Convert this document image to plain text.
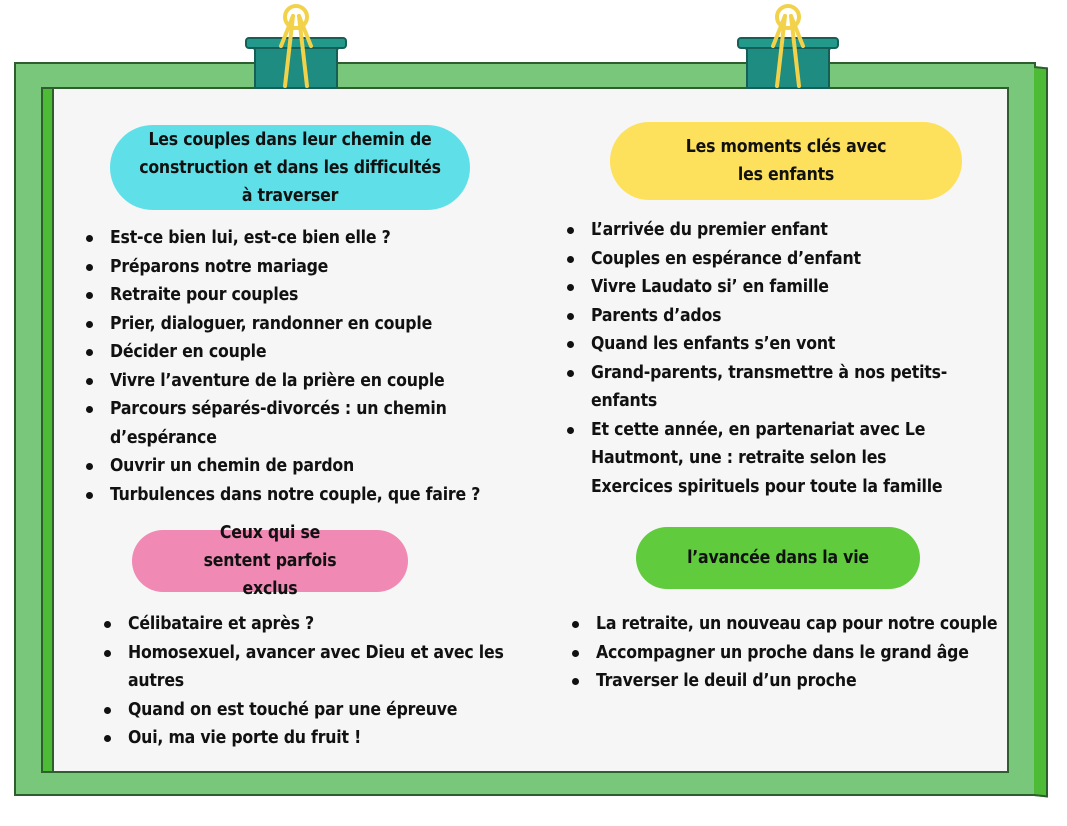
Les couples dans leur chemin de construction et dans les difficultés à traverser
Est-ce bien lui, est-ce bien elle ?
Préparons notre mariage
Retraite pour couples
Prier, dialoguer, randonner en couple
Décider en couple
Vivre l’aventure de la prière en couple
Parcours séparés-divorcés : un chemin d’espérance
Ouvrir un chemin de pardon
Turbulences dans notre couple, que faire ?
Les moments clés avec les enfants
L’arrivée du premier enfant
Couples en espérance d’enfant
Vivre Laudato si’ en famille
Parents d’ados
Quand les enfants s’en vont
Grand-parents, transmettre à nos petits-enfants
Et cette année, en partenariat avec Le Hautmont, une : retraite selon les Exercices spirituels pour toute la famille
Ceux qui se sentent parfois exclus
Célibataire et après ?
Homosexuel, avancer avec Dieu et avec les autres
Quand on est touché par une épreuve
Oui, ma vie porte du fruit !
l’avancée dans la vie
La retraite, un nouveau cap pour notre couple
Accompagner un proche dans le grand âge
Traverser le deuil d’un proche
